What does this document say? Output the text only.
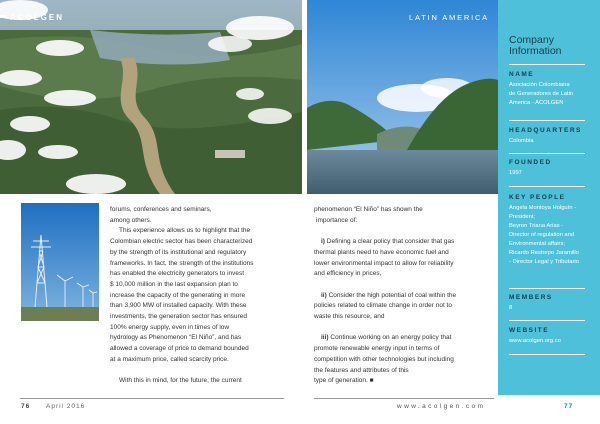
ACOLGEN	LATIN AMERICA

forums, conferences and seminars,

among others.

This experience allows us to highlight that the

Colombian electric sector has been characterized

by the strength of its institutional and regulatory

frameworks. In fact, the strength of the institutions

has enabled the electricity generators to invest

$ 10,000 million in the last expansion plan to

increase the capacity of the generating in more

than 3,900 MW of installed capacity. With these

investments, the generation sector has ensured

100% energy supply, even in times of low

hydrology as Phenomenon “El Niño”, and has

allowed a coverage of price to demand bounded

at a maximum price, called scarcity price.

With this in mind, for the future, the current

phenomenon “El Niño” has shown the

importance of:

i) Defining a clear policy that consider that gas

thermal plants need to have economic fuel and

lower environmental impact to allow for reliability

and efficiency in prices,

ii) Consider the high potential of coal within the

policies related to climate change in order not to

waste this resource, and

iii) Continue working on an energy policy that

promote renewable energy input in terms of

competition with other technologies but including

the features and attributes of this

type of generation. ■

76 April 2016	www.acolgen.com	77
Company
Information
NAME
Asociación Colombiana
de Generadores de Latin
America - ACOLGEN
HEADQUARTERS
Colombia
FOUNDED
1997
KEY PEOPLE
Angela Montoya Holguín -
President;
Beyron Triana Arias -
Director of regulation and
Environmental affairs;
Ricardo Restrepo Jaramillo
- Director Legal y Tributario
MEMBERS
8
WEBSITE
www.acolgen.org.co
